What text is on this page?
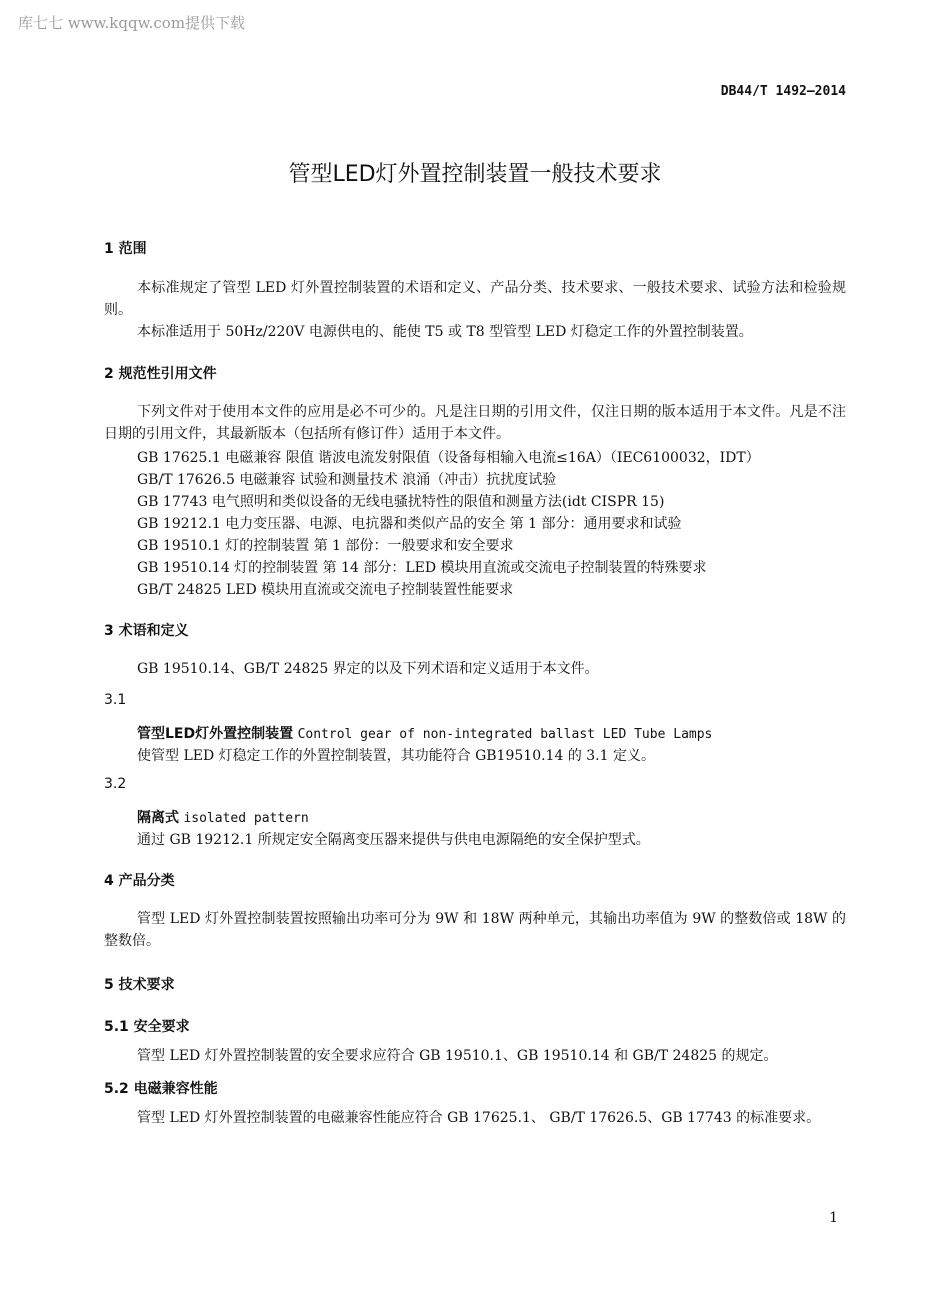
库七七 www.kqqw.com提供下载
DB44/T 1492—2014
管型LED灯外置控制装置一般技术要求
1 范围
本标准规定了管型 LED 灯外置控制装置的术语和定义、产品分类、技术要求、一般技术要求、试验方法和检验规则。
本标准适用于 50Hz/220V 电源供电的、能使 T5 或 T8 型管型 LED 灯稳定工作的外置控制装置。
2 规范性引用文件
下列文件对于使用本文件的应用是必不可少的。凡是注日期的引用文件，仅注日期的版本适用于本文件。凡是不注日期的引用文件，其最新版本（包括所有修订件）适用于本文件。
GB 17625.1 电磁兼容 限值 谐波电流发射限值（设备每相输入电流≤16A）（IEC6100032，IDT）
GB/T 17626.5 电磁兼容 试验和测量技术 浪涌（冲击）抗扰度试验
GB 17743 电气照明和类似设备的无线电骚扰特性的限值和测量方法(idt CISPR 15)
GB 19212.1 电力变压器、电源、电抗器和类似产品的安全 第 1 部分：通用要求和试验
GB 19510.1 灯的控制装置 第 1 部份：一般要求和安全要求
GB 19510.14 灯的控制装置 第 14 部分：LED 模块用直流或交流电子控制装置的特殊要求
GB/T 24825 LED 模块用直流或交流电子控制装置性能要求
3 术语和定义
GB 19510.14、GB/T 24825 界定的以及下列术语和定义适用于本文件。
3.1
管型LED灯外置控制装置 Control gear of non-integrated ballast LED Tube Lamps
使管型 LED 灯稳定工作的外置控制装置，其功能符合 GB19510.14 的 3.1 定义。
3.2
隔离式 isolated pattern
通过 GB 19212.1 所规定安全隔离变压器来提供与供电电源隔绝的安全保护型式。
4 产品分类
管型 LED 灯外置控制装置按照输出功率可分为 9W 和 18W 两种单元，其输出功率值为 9W 的整数倍或 18W 的整数倍。
5 技术要求
5.1 安全要求
管型 LED 灯外置控制装置的安全要求应符合 GB 19510.1、GB 19510.14 和 GB/T 24825 的规定。
5.2 电磁兼容性能
管型 LED 灯外置控制装置的电磁兼容性能应符合 GB 17625.1、 GB/T 17626.5、GB 17743 的标准要求。
1
